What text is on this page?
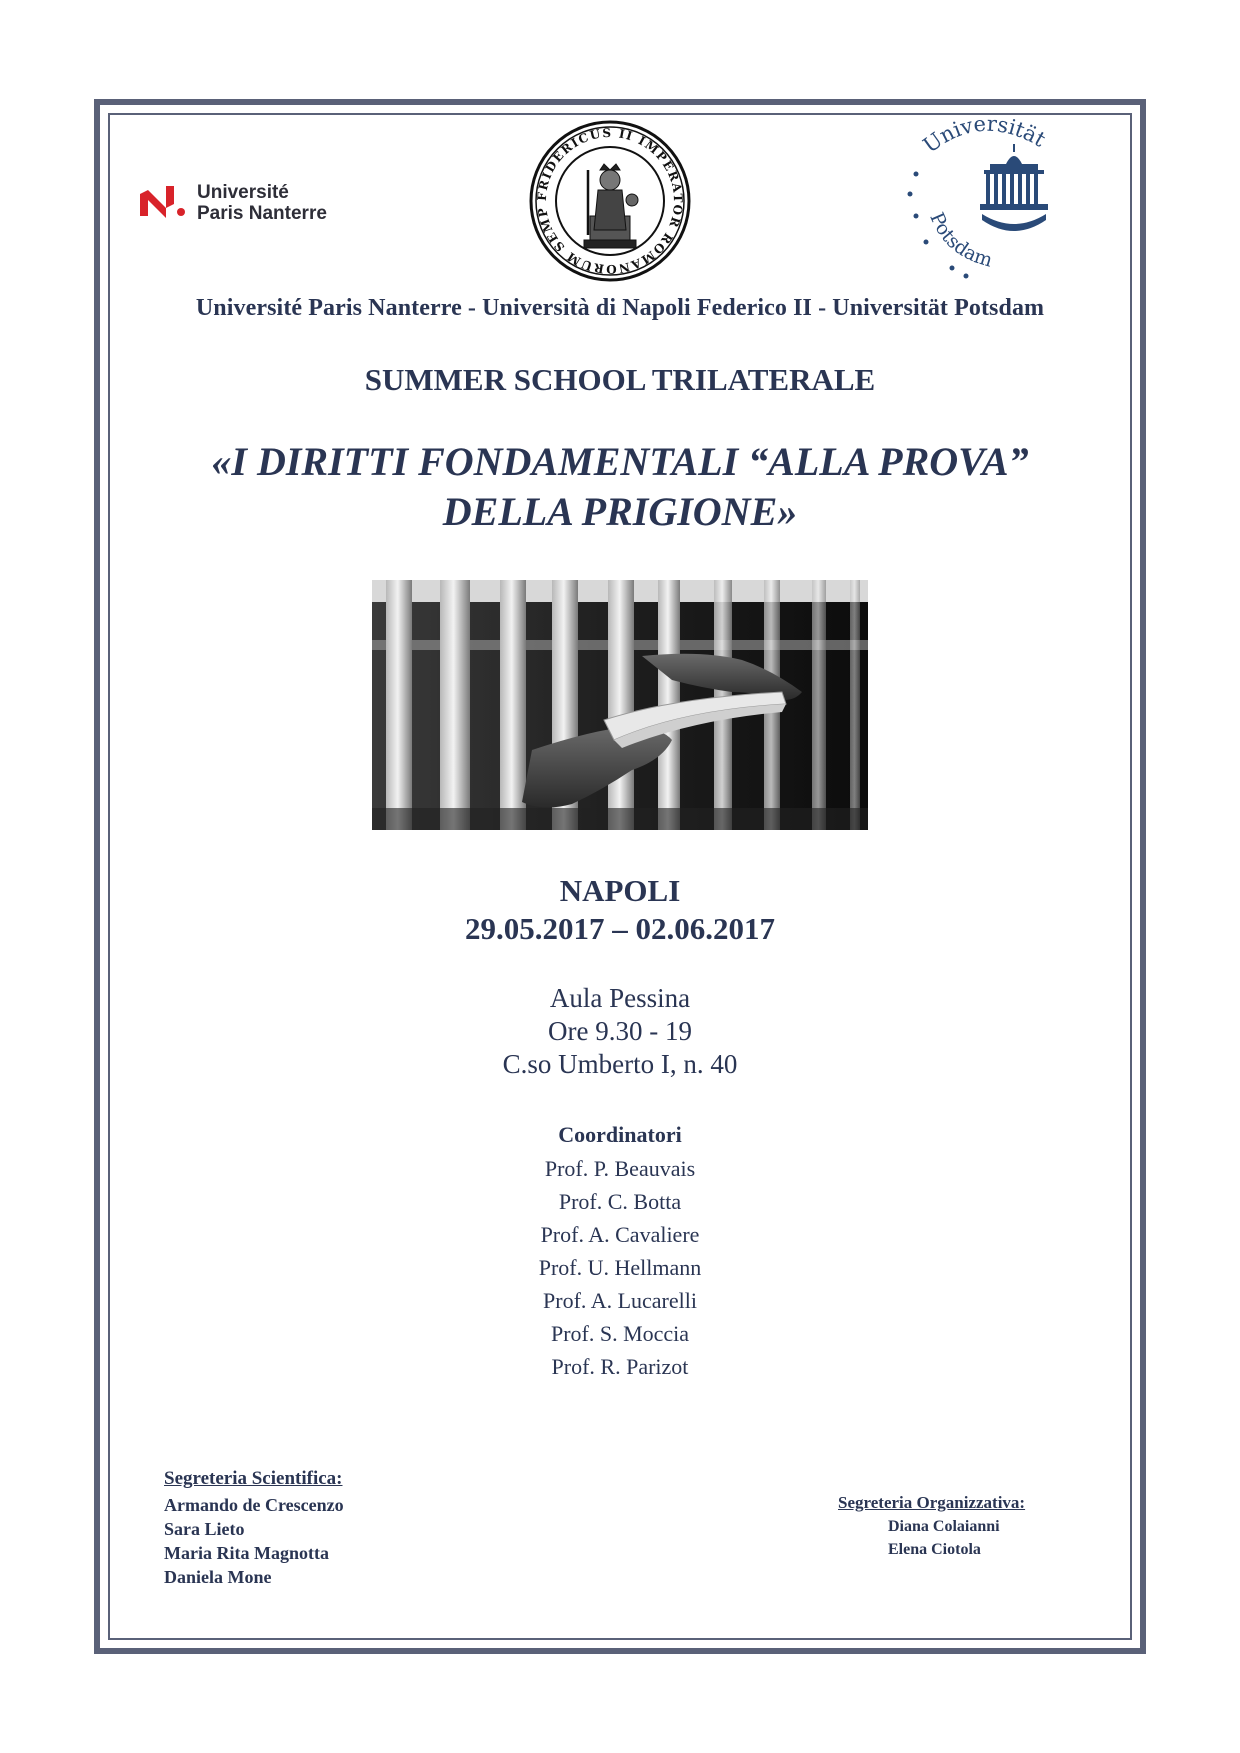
Université
Paris Nanterre
FRIDERICUS II IMPERATOR ROMANORUM SEMP
Universität
Potsdam
Université Paris Nanterre - Università di Napoli Federico II - Universität Potsdam
SUMMER SCHOOL TRILATERALE
«I DIRITTI FONDAMENTALI “ALLA PROVA”
DELLA PRIGIONE»
NAPOLI
29.05.2017 – 02.06.2017
Aula Pessina
Ore 9.30 - 19
C.so Umberto I, n. 40
Coordinatori
Prof. P. Beauvais
Prof. C. Botta
Prof. A. Cavaliere
Prof. U. Hellmann
Prof. A. Lucarelli
Prof. S. Moccia
Prof. R. Parizot
Segreteria Scientifica:
Armando de Crescenzo
Sara Lieto
Maria Rita Magnotta
Daniela Mone
Segreteria Organizzativa:
Diana Colaianni
Elena Ciotola
